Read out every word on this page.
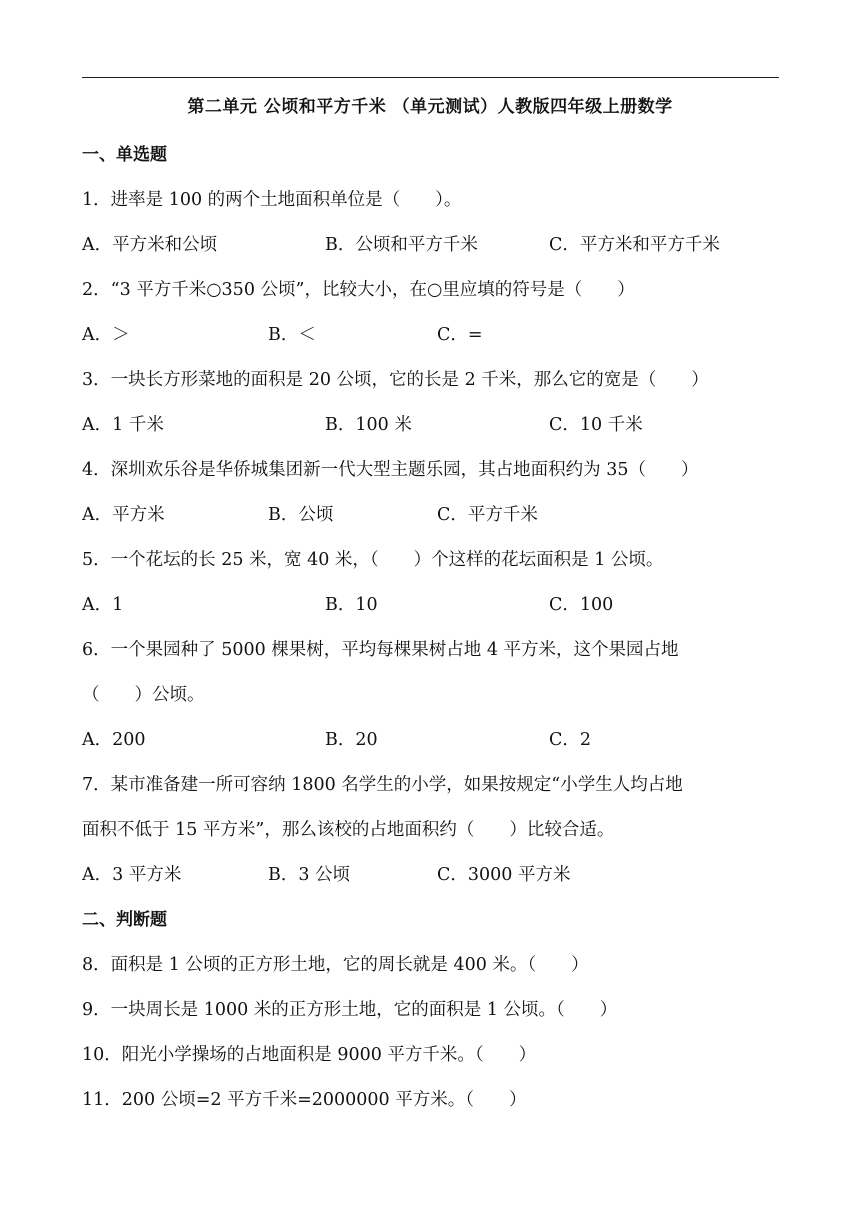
第二单元 公顷和平方千米 （单元测试）人教版四年级上册数学
一、单选题
1．进率是 100 的两个土地面积单位是（　　）。
A．平方米和公顷	B．公顷和平方千米	C．平方米和平方千米
2．“3 平方千米○350 公顷”，比较大小，在○里应填的符号是（　　）
A．＞	B．＜	C．=
3．一块长方形菜地的面积是 20 公顷，它的长是 2 千米，那么它的宽是（　　）
A．1 千米	B．100 米	C．10 千米
4．深圳欢乐谷是华侨城集团新一代大型主题乐园，其占地面积约为 35（　　）
A．平方米	B．公顷	C．平方千米
5．一个花坛的长 25 米，宽 40 米，（　　）个这样的花坛面积是 1 公顷。
A．1	B．10	C．100
6．一个果园种了 5000 棵果树，平均每棵果树占地 4 平方米，这个果园占地
（　　）公顷。
A．200	B．20	C．2
7．某市准备建一所可容纳 1800 名学生的小学，如果按规定“小学生人均占地
面积不低于 15 平方米”，那么该校的占地面积约（　　）比较合适。
A．3 平方米	B．3 公顷	C．3000 平方米
二、判断题
8．面积是 1 公顷的正方形土地，它的周长就是 400 米。（　　）
9．一块周长是 1000 米的正方形土地，它的面积是 1 公顷。（　　）
10．阳光小学操场的占地面积是 9000 平方千米。（　　）
11．200 公顷=2 平方千米=2000000 平方米。（　　）
